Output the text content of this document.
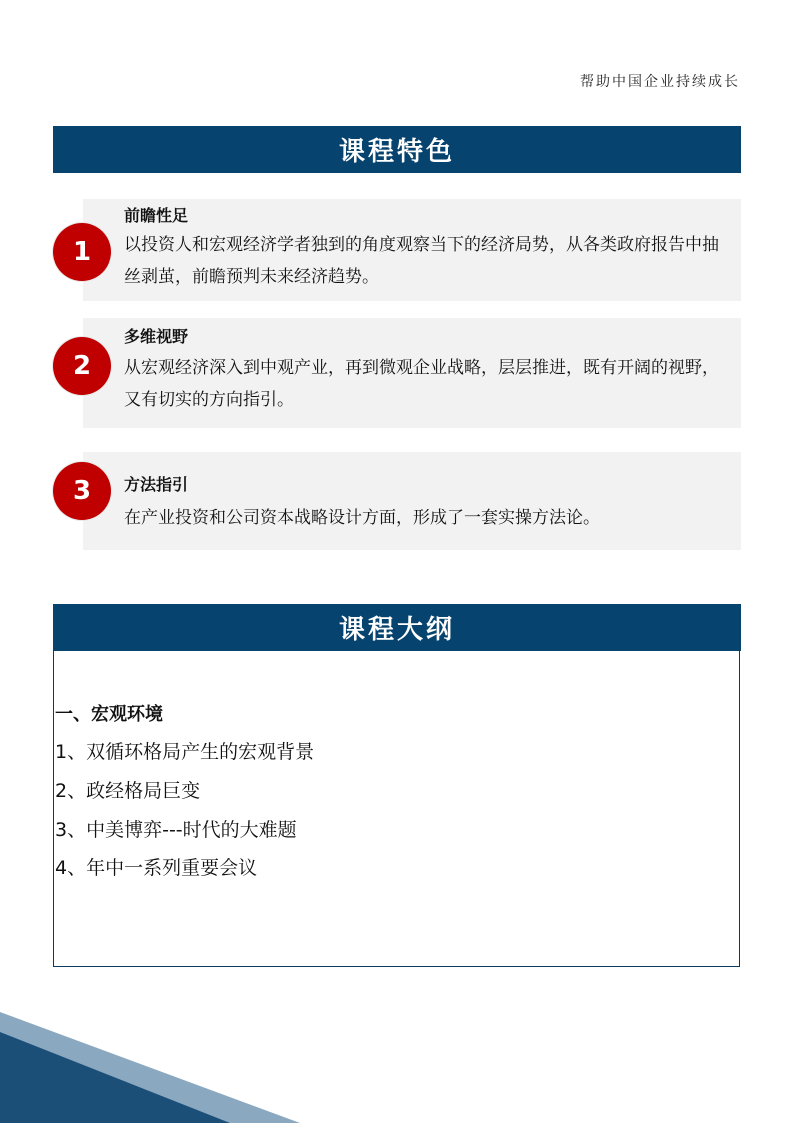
帮助中国企业持续成长
课程特色
前瞻性足
以投资人和宏观经济学者独到的角度观察当下的经济局势，从各类政府报告中抽丝剥茧，前瞻预判未来经济趋势。
1
多维视野
从宏观经济深入到中观产业，再到微观企业战略，层层推进，既有开阔的视野，又有切实的方向指引。
2
方法指引
在产业投资和公司资本战略设计方面，形成了一套实操方法论。
3
课程大纲
一、宏观环境
1、双循环格局产生的宏观背景
2、政经格局巨变
3、中美博弈---时代的大难题
4、年中一系列重要会议
